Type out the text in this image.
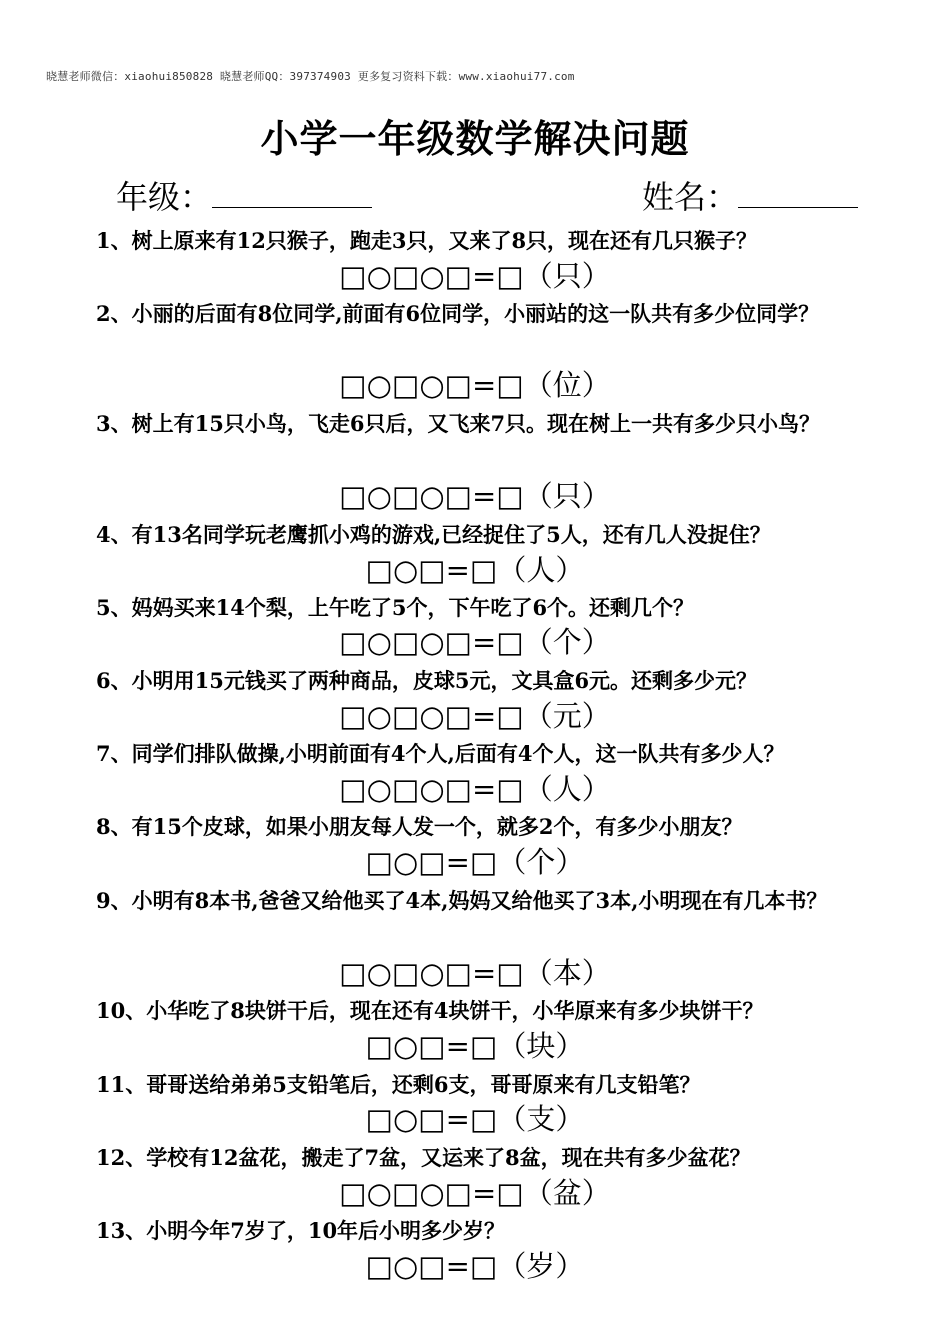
晓慧老师微信：xiaohui850828 晓慧老师QQ：397374903 更多复习资料下载：www.xiaohui77.com
小学一年级数学解决问题
年级：	姓名：
1、树上原来有12只猴子，跑走3只，又来了8只，现在还有几只猴子？
□○□○□=□（只）
2、小丽的后面有8位同学,前面有6位同学，小丽站的这一队共有多少位同学？
□○□○□=□（位）
3、树上有15只小鸟，飞走6只后，又飞来7只。现在树上一共有多少只小鸟？
□○□○□=□（只）
4、有13名同学玩老鹰抓小鸡的游戏,已经捉住了5人，还有几人没捉住？
□○□=□（人）
5、妈妈买来14个梨，上午吃了5个，下午吃了6个。还剩几个？
□○□○□=□（个）
6、小明用15元钱买了两种商品，皮球5元，文具盒6元。还剩多少元？
□○□○□=□（元）
7、同学们排队做操,小明前面有4个人,后面有4个人，这一队共有多少人？
□○□○□=□（人）
8、有15个皮球，如果小朋友每人发一个，就多2个，有多少小朋友？
□○□=□（个）
9、小明有8本书,爸爸又给他买了4本,妈妈又给他买了3本,小明现在有几本书？
□○□○□=□（本）
10、小华吃了8块饼干后，现在还有4块饼干，小华原来有多少块饼干？
□○□=□（块）
11、哥哥送给弟弟5支铅笔后，还剩6支，哥哥原来有几支铅笔？
□○□=□（支）
12、学校有12盆花，搬走了7盆，又运来了8盆，现在共有多少盆花？
□○□○□=□（盆）
13、小明今年7岁了，10年后小明多少岁？
□○□=□（岁）
